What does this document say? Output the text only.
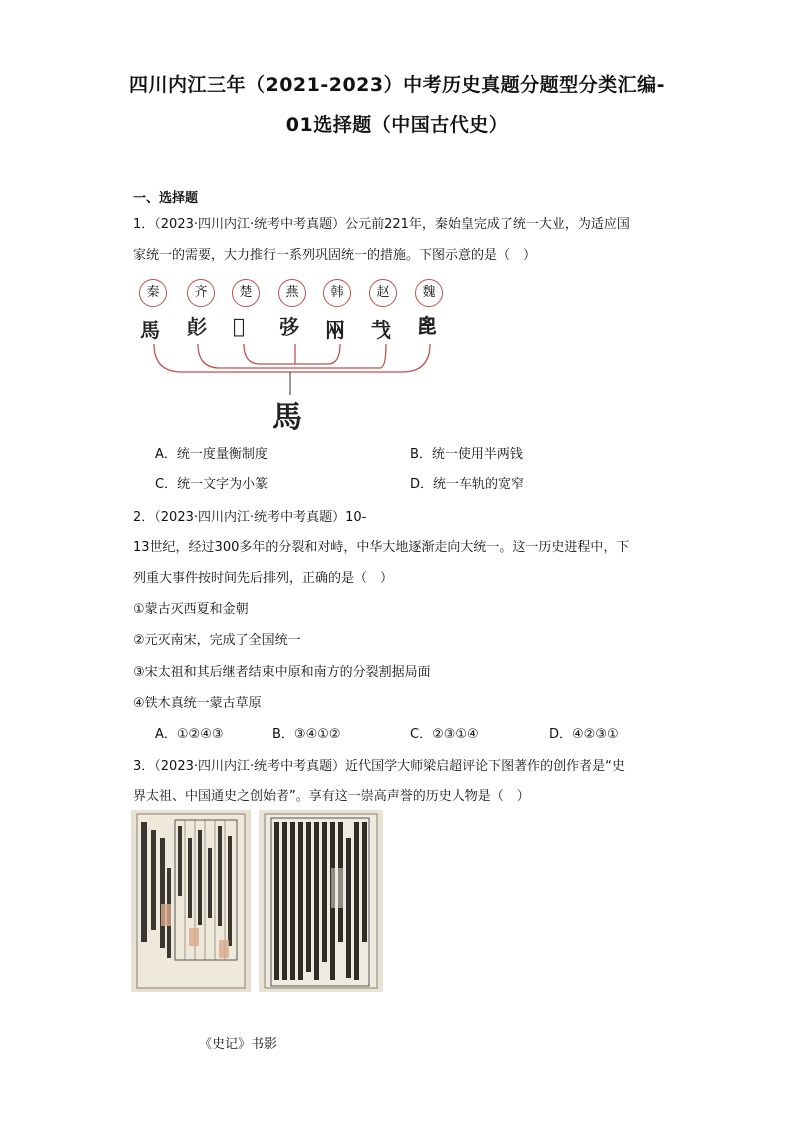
四川内江三年（2021-2023）中考历史真题分题型分类汇编-
01选择题（中国古代史）
一、选择题
1．（2023·四川内江·统考中考真题）公元前221年，秦始皇完成了统一大业，为适应国
家统一的需要，大力推行一系列巩固统一的措施。下图示意的是（　）
秦	齐	楚	燕	韩	赵	魏
馬 𢒟 𡴀 𢏜 㒳 𢦏 𣬉
馬
A．统一度量衡制度	B．统一使用半两钱
C．统一文字为小篆	D．统一车轨的宽窄
2．（2023·四川内江·统考中考真题）10-
13世纪，经过300多年的分裂和对峙，中华大地逐渐走向大统一。这一历史进程中，下
列重大事件按时间先后排列，正确的是（　）
①蒙古灭西夏和金朝
②元灭南宋，完成了全国统一
③宋太祖和其后继者结束中原和南方的分裂割据局面
④铁木真统一蒙古草原
A．①②④③	B．③④①②	C．②③①④	D．④②③①
3．（2023·四川内江·统考中考真题）近代国学大师梁启超评论下图著作的创作者是“史
界太祖、中国通史之创始者”。享有这一崇高声誉的历史人物是（　）
《史记》书影
